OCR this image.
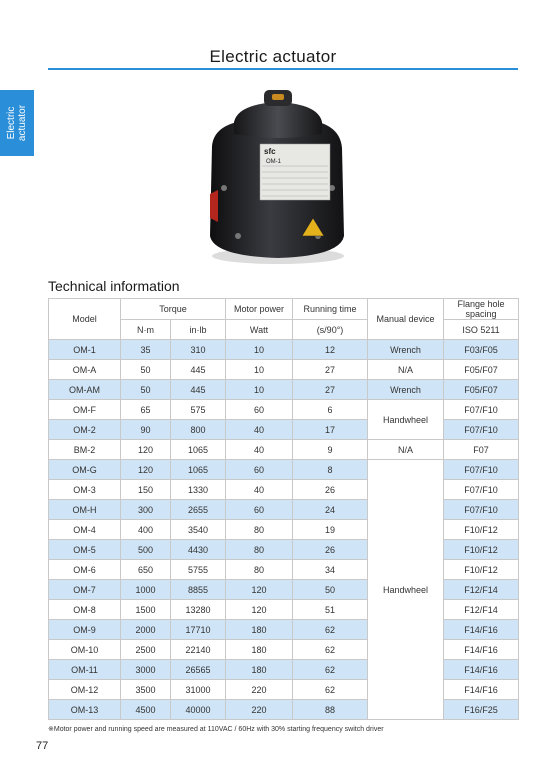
Electric actuator
Electric actuator
sfc
OM-1
Technical information
Model	Torque		Motor power	Running time	Manual device	Flange hole spacing
	N·m	in·lb	Watt	(s/90°)		ISO 5211
OM-1	35	310	10	12	Wrench	F03/F05
OM-A	50	445	10	27	N/A	F05/F07
OM-AM	50	445	10	27	Wrench	F05/F07
OM-F	65	575	60	6	Handwheel	F07/F10
OM-2	90	800	40	17		F07/F10
BM-2	120	1065	40	9	N/A	F07
OM-G	120	1065	60	8	Handwheel	F07/F10
OM-3	150	1330	40	26		F07/F10
OM-H	300	2655	60	24		F07/F10
OM-4	400	3540	80	19		F10/F12
OM-5	500	4430	80	26		F10/F12
OM-6	650	5755	80	34		F10/F12
OM-7	1000	8855	120	50		F12/F14
OM-8	1500	13280	120	51		F12/F14
OM-9	2000	17710	180	62		F14/F16
OM-10	2500	22140	180	62		F14/F16
OM-11	3000	26565	180	62		F14/F16
OM-12	3500	31000	220	62		F14/F16
OM-13	4500	40000	220	88		F16/F25
※Motor power and running speed are measured at 110VAC / 60Hz with 30% starting frequency switch driver
77
